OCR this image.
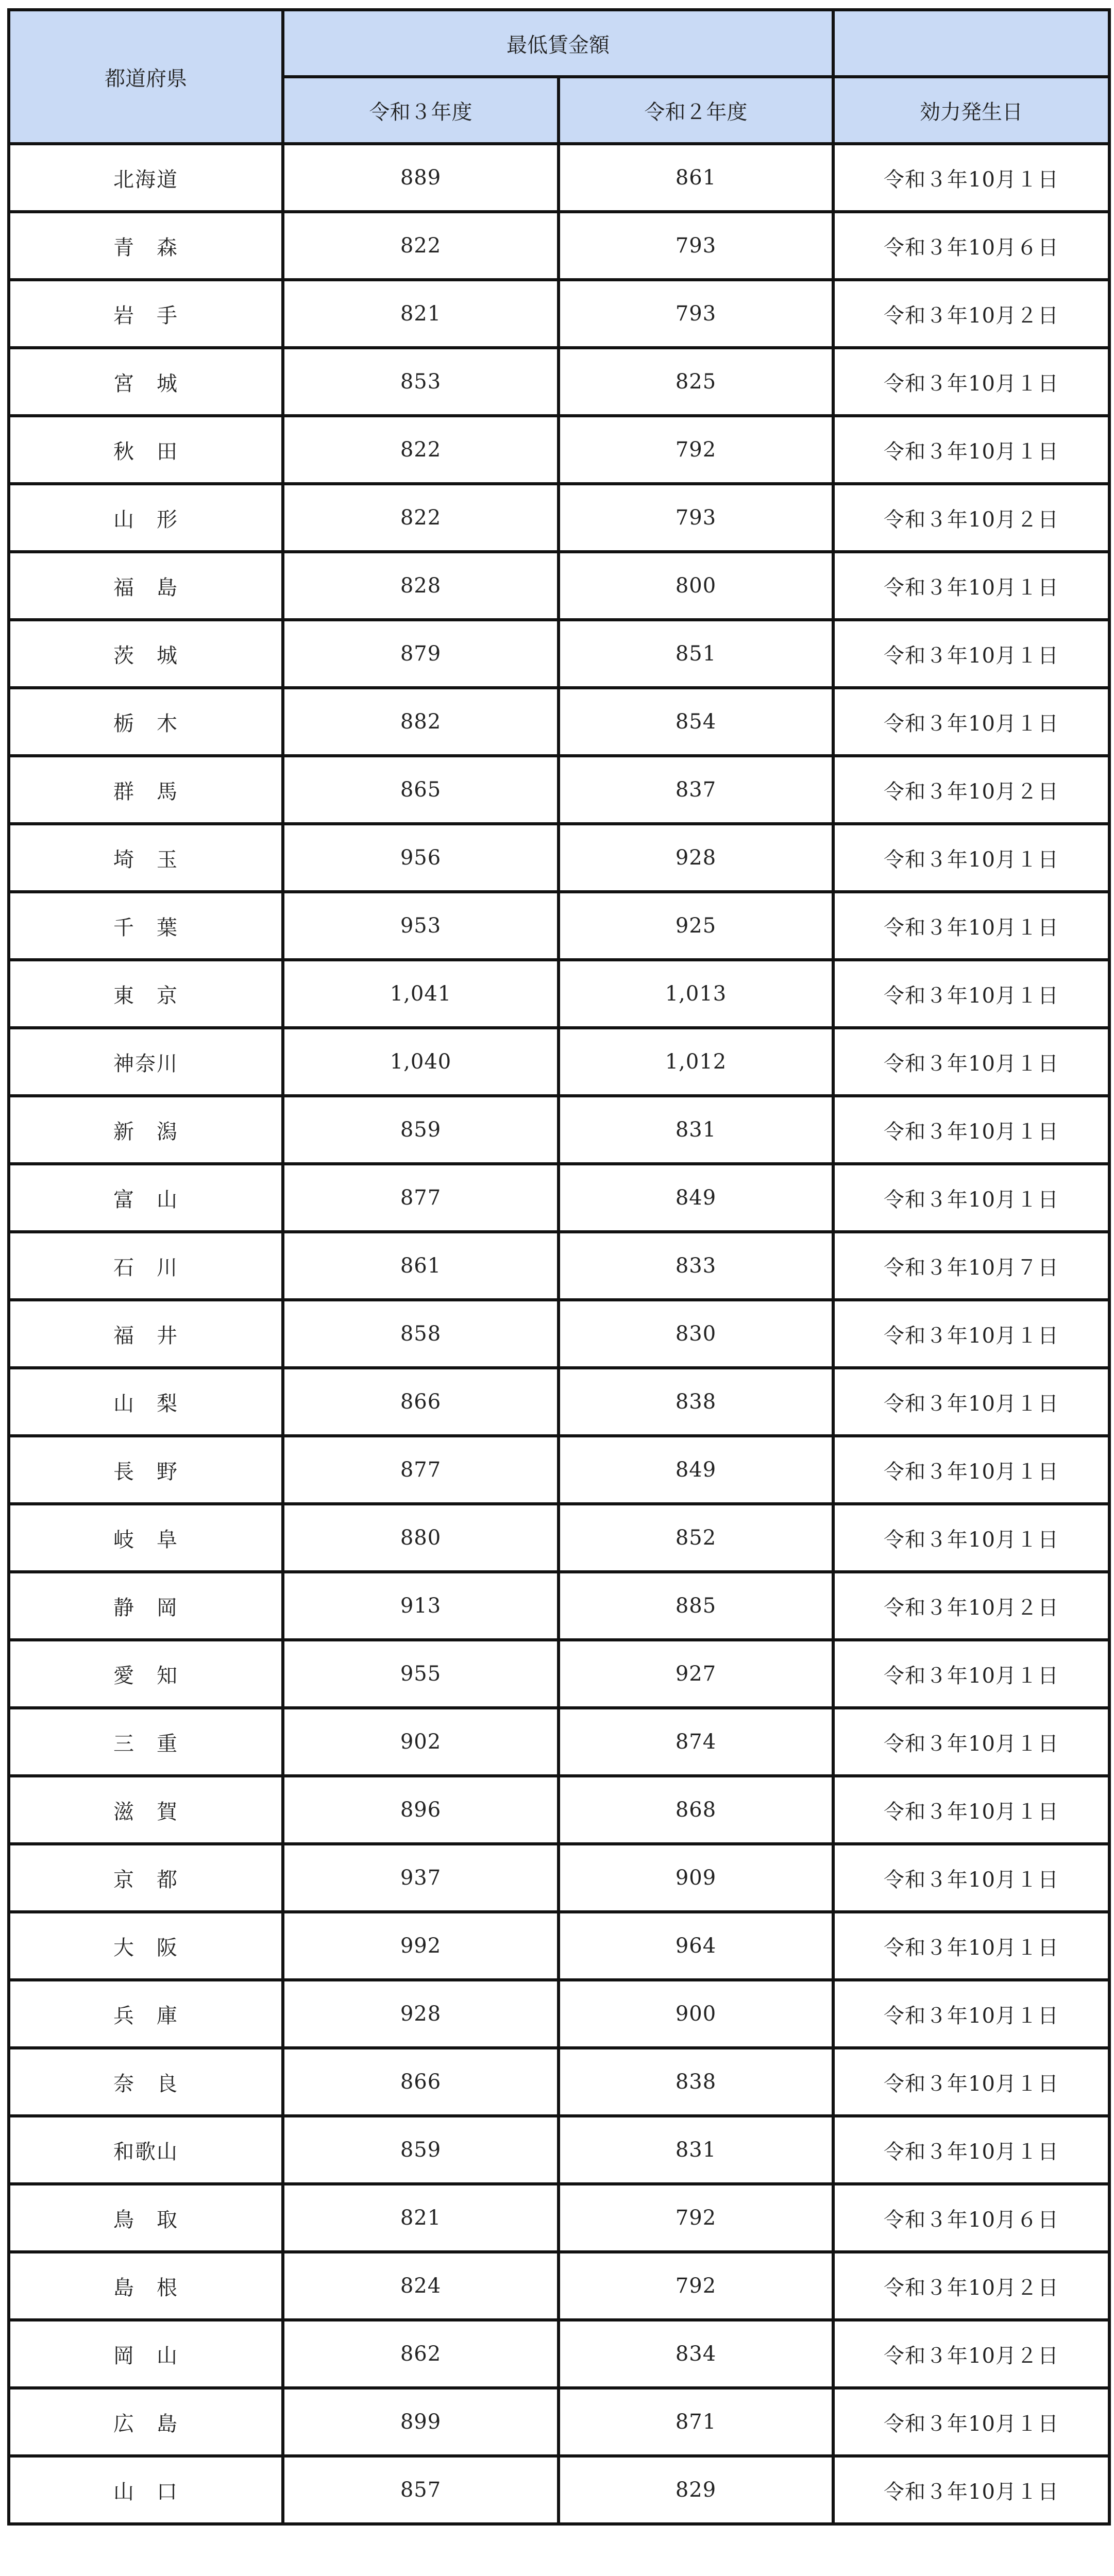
都道府県	最低賃金額		
	令和３年度	令和２年度	効力発生日
北海道	889	861	令和３年10月１日
青　森	822	793	令和３年10月６日
岩　手	821	793	令和３年10月２日
宮　城	853	825	令和３年10月１日
秋　田	822	792	令和３年10月１日
山　形	822	793	令和３年10月２日
福　島	828	800	令和３年10月１日
茨　城	879	851	令和３年10月１日
栃　木	882	854	令和３年10月１日
群　馬	865	837	令和３年10月２日
埼　玉	956	928	令和３年10月１日
千　葉	953	925	令和３年10月１日
東　京	1,041	1,013	令和３年10月１日
神奈川	1,040	1,012	令和３年10月１日
新　潟	859	831	令和３年10月１日
富　山	877	849	令和３年10月１日
石　川	861	833	令和３年10月７日
福　井	858	830	令和３年10月１日
山　梨	866	838	令和３年10月１日
長　野	877	849	令和３年10月１日
岐　阜	880	852	令和３年10月１日
静　岡	913	885	令和３年10月２日
愛　知	955	927	令和３年10月１日
三　重	902	874	令和３年10月１日
滋　賀	896	868	令和３年10月１日
京　都	937	909	令和３年10月１日
大　阪	992	964	令和３年10月１日
兵　庫	928	900	令和３年10月１日
奈　良	866	838	令和３年10月１日
和歌山	859	831	令和３年10月１日
鳥　取	821	792	令和３年10月６日
島　根	824	792	令和３年10月２日
岡　山	862	834	令和３年10月２日
広　島	899	871	令和３年10月１日
山　口	857	829	令和３年10月１日
